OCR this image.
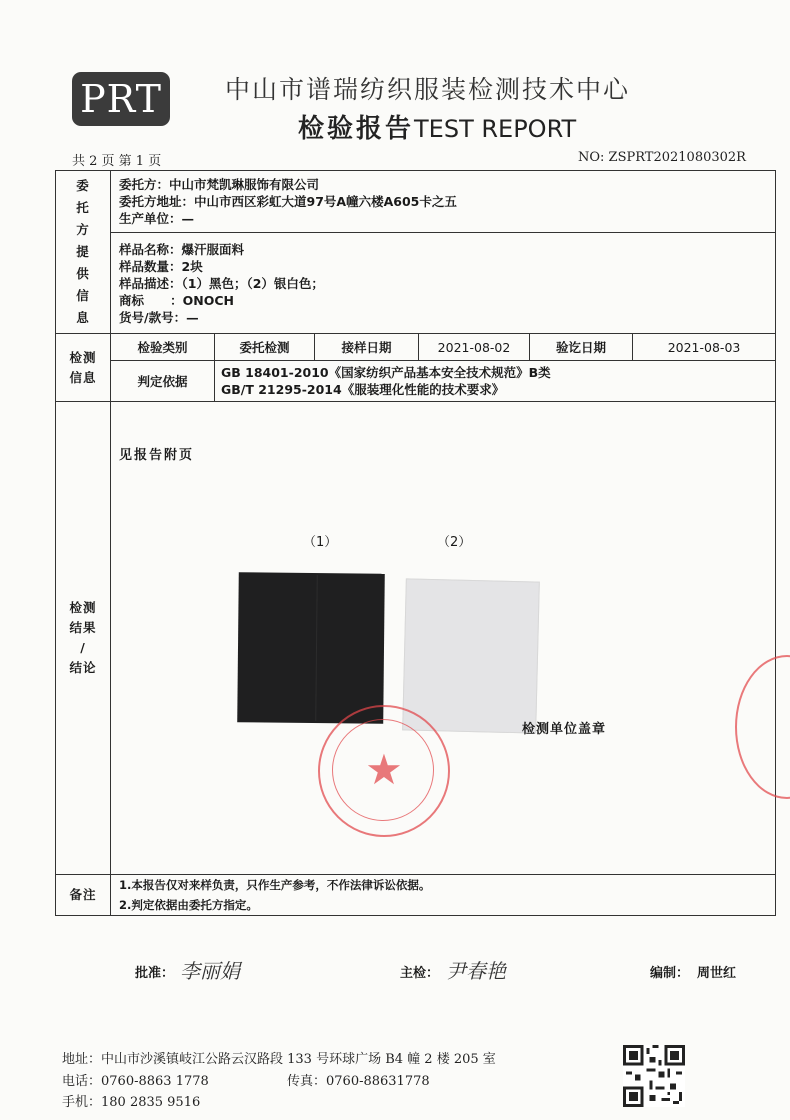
PRT	中山市谱瑞纺织服装检测技术中心
检验报告TEST REPORT
共 2 页 第 1 页	NO: ZSPRT2021080302R
委托方提供信息	委托方：中山市梵凯琳服饰有限公司
委托方地址：中山市西区彩虹大道97号A幢六楼A605卡之五
生产单位：—					

	样品名称：爆汗服面料
样品数量：2块
样品描述：（1）黑色；（2）银白色；
商标      ：ONOCH
货号/款号：—					

检测
信息	检验类别	委托检测	接样日期	2021-08-02	验讫日期	2021-08-03
	判定依据	GB 18401-2010《国家纺织产品基本安全技术规范》B类
GB/T 21295-2014《服装理化性能的技术要求》				

检测
结果
/
结论	见报告附页					

备注	1.本报告仅对来样负责，只作生产参考，不作法律诉讼依据。
2.判定依据由委托方指定。					
（1）	（2）
检测单位盖章
★
批准： 李丽娟	主检： 尹春艳	编制： 周世红
地址：中山市沙溪镇岐江公路云汉路段 133 号环球广场 B4 幢 2 楼 205 室
电话：0760-8863 1778	传真：0760-88631778
手机：180 2835 9516
